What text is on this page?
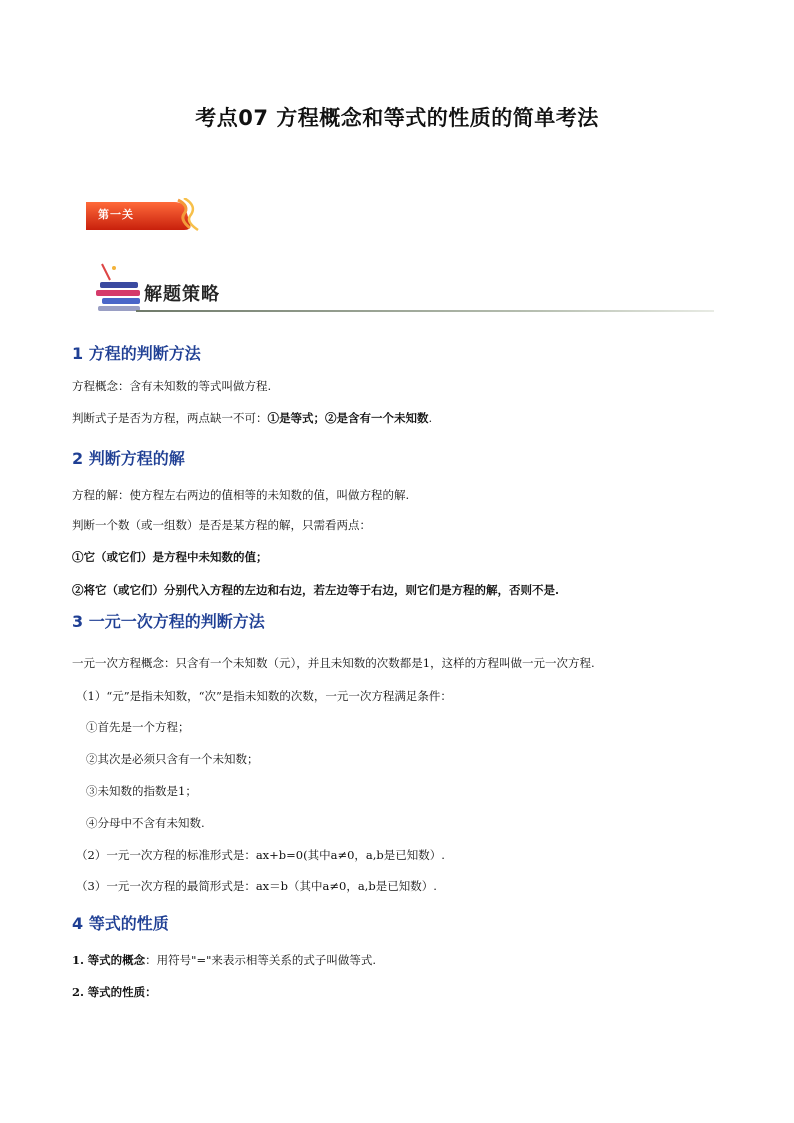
考点07 方程概念和等式的性质的简单考法
第一关
解题策略
1 方程的判断方法
方程概念：含有未知数的等式叫做方程.
判断式子是否为方程，两点缺一不可：①是等式；②是含有一个未知数.
2 判断方程的解
方程的解：使方程左右两边的值相等的未知数的值，叫做方程的解.
判断一个数（或一组数）是否是某方程的解，只需看两点：
①它（或它们）是方程中未知数的值；
②将它（或它们）分别代入方程的左边和右边，若左边等于右边，则它们是方程的解，否则不是.
3 一元一次方程的判断方法
一元一次方程概念：只含有一个未知数（元），并且未知数的次数都是1，这样的方程叫做一元一次方程.
（1）“元”是指未知数，“次”是指未知数的次数，一元一次方程满足条件：
①首先是一个方程；
②其次是必须只含有一个未知数；
③未知数的指数是1；
④分母中不含有未知数.
（2）一元一次方程的标准形式是：ax+b=0(其中a≠0，a,b是已知数）.
（3）一元一次方程的最简形式是：ax＝b（其中a≠0，a,b是已知数）.
4 等式的性质
1. 等式的概念：用符号"="来表示相等关系的式子叫做等式.
2. 等式的性质：
